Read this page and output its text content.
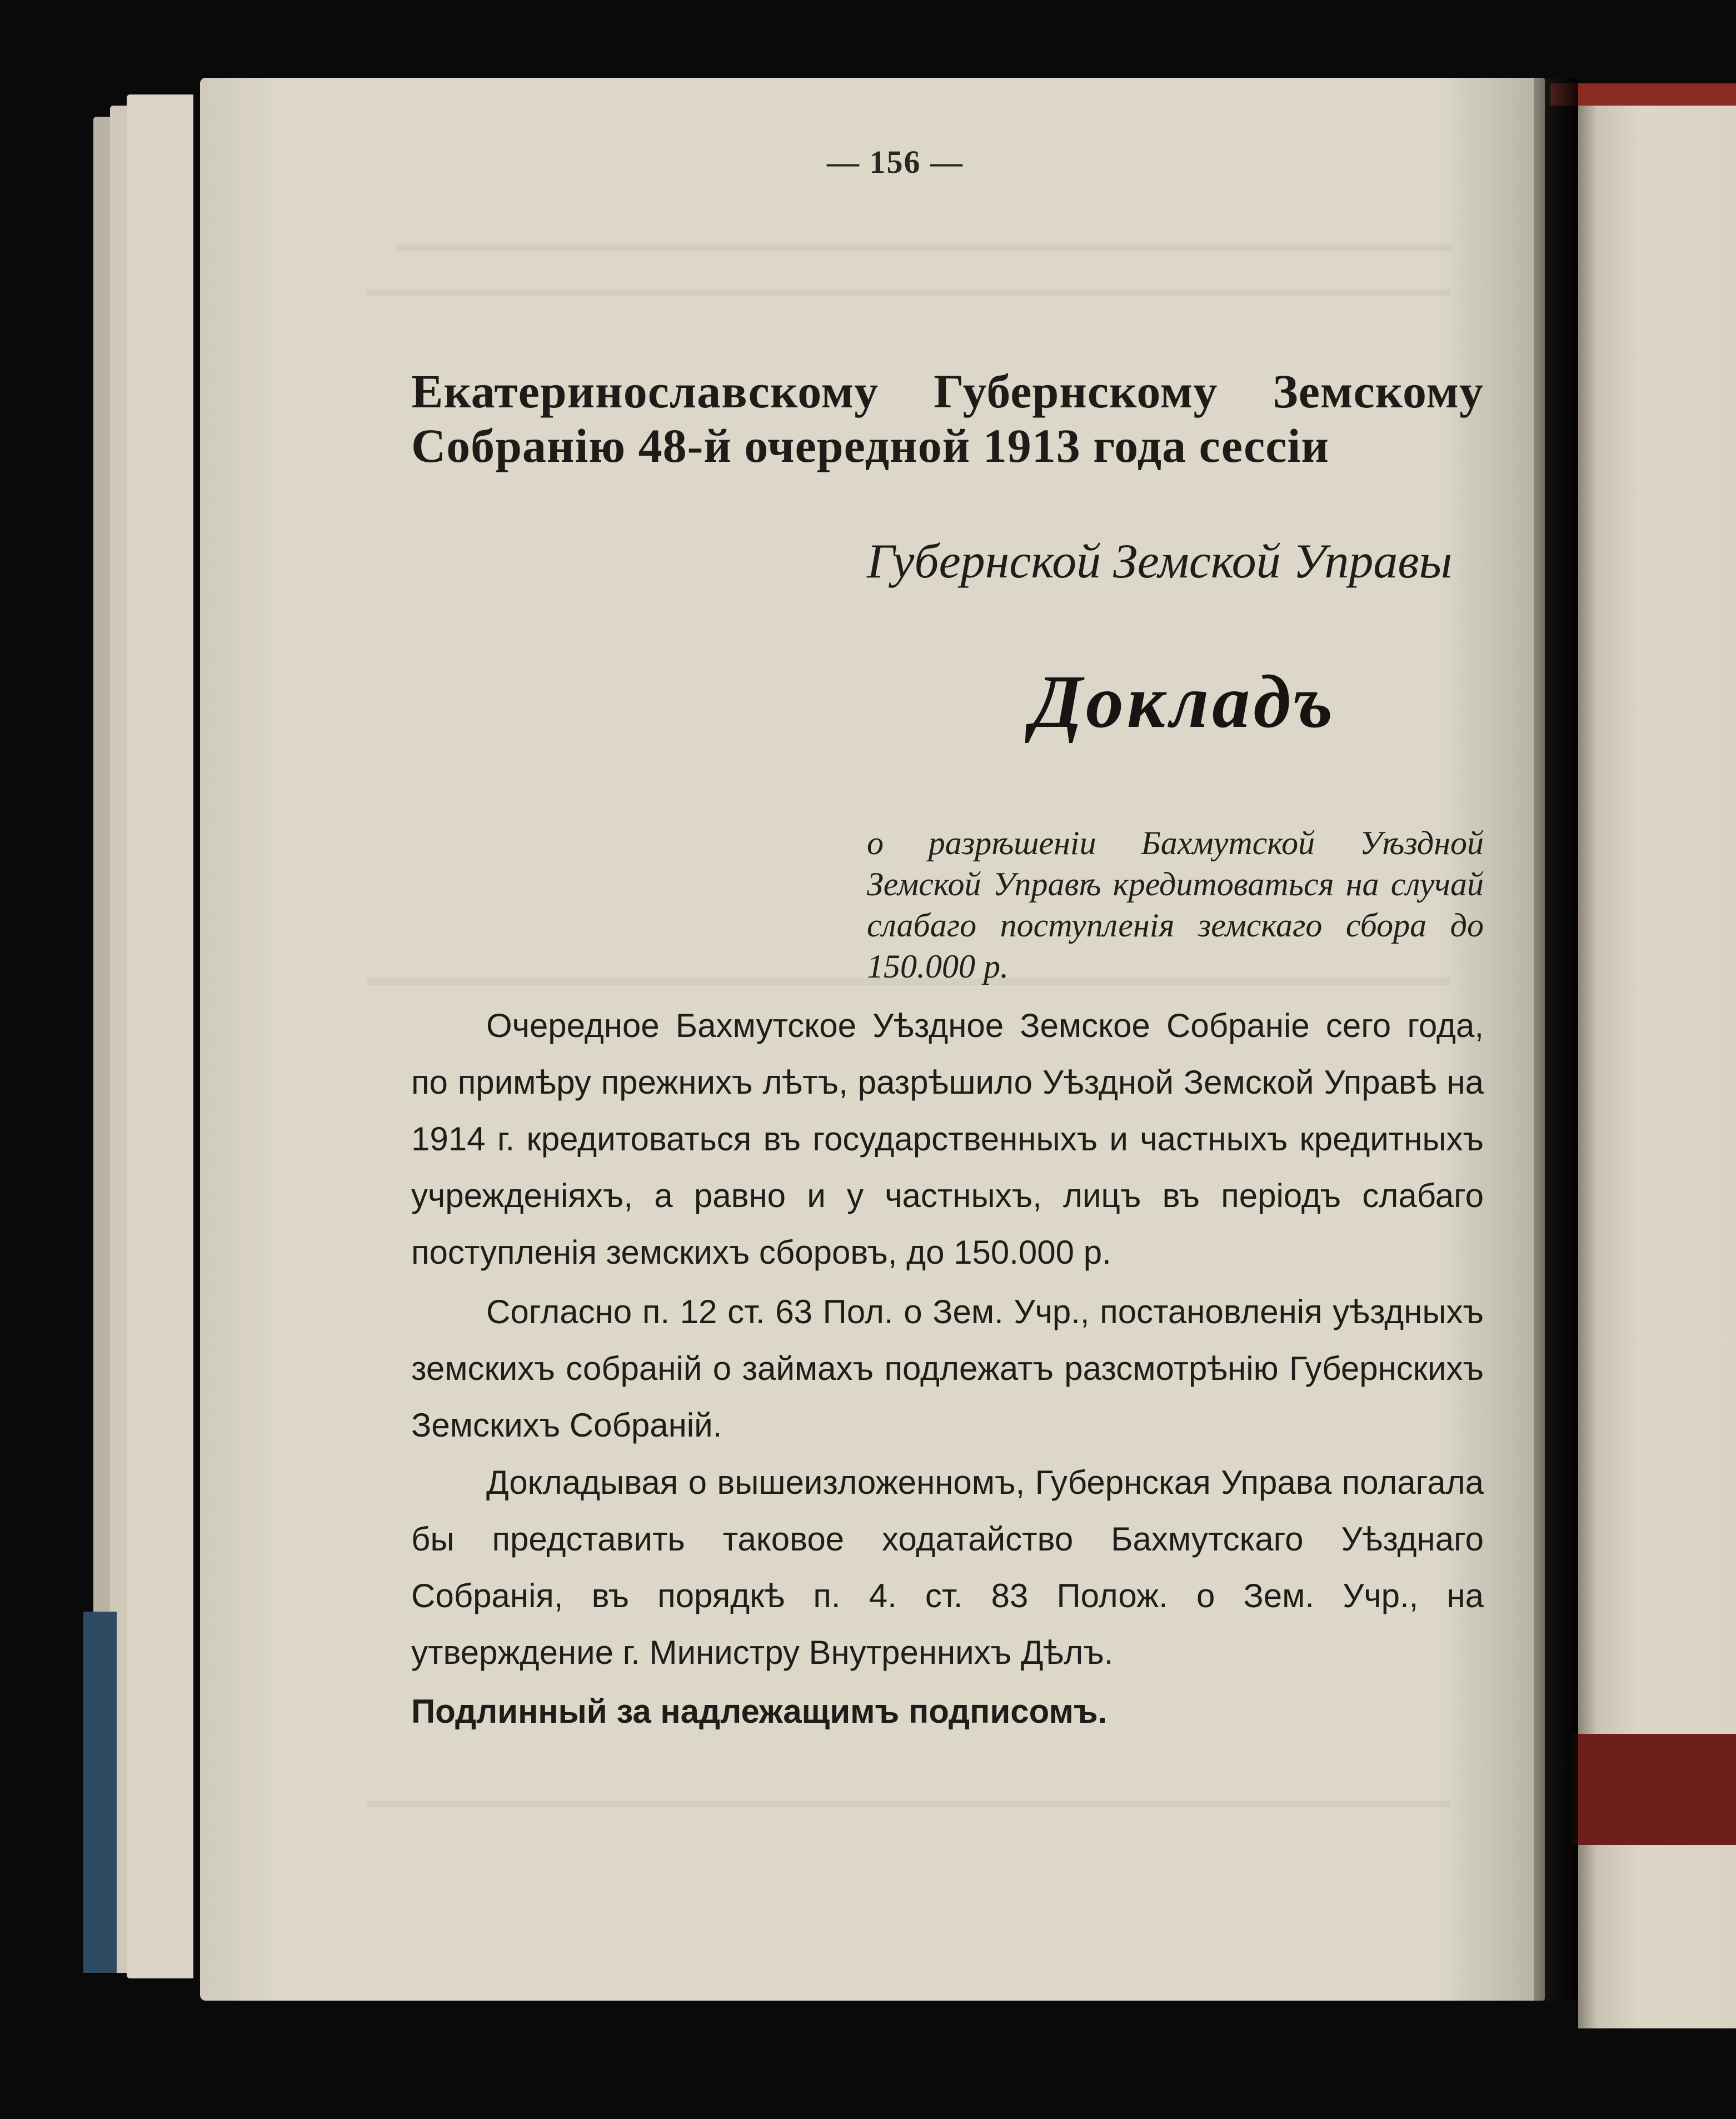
— 156 —
Екатеринославскому Губернскому Земскому
Собранію 48-й очередной 1913 года сессіи
Губернской Земской Управы
Докладъ
о разрѣшеніи Бахмутской Уѣздной Земской Управѣ кредитоваться на случай слабаго поступленія земскаго сбора до 150.000 р.

Очередное Бахмутское Уѣздное Земское Собраніе сего года, по примѣру прежнихъ лѣтъ, разрѣшило Уѣздной Земской Управѣ на 1914 г. кредитоваться въ государственныхъ и частныхъ кредитныхъ учрежденіяхъ, а равно и у частныхъ, лицъ въ періодъ слабаго поступленія земскихъ сборовъ, до 150.000 р.

Согласно п. 12 ст. 63 Пол. о Зем. Учр., постановленія уѣздныхъ земскихъ собраній о займахъ подлежатъ разсмотрѣнію Губернскихъ Земскихъ Собраній.

Докладывая о вышеизложенномъ, Губернская Управа полагала бы представить таковое ходатайство Бахмутскаго Уѣзднаго Собранія, въ порядкѣ п. 4. ст. 83 Полож. о Зем. Учр., на утверждение г. Министру Внутреннихъ Дѣлъ.

Подлинный за надлежащимъ подписомъ.
